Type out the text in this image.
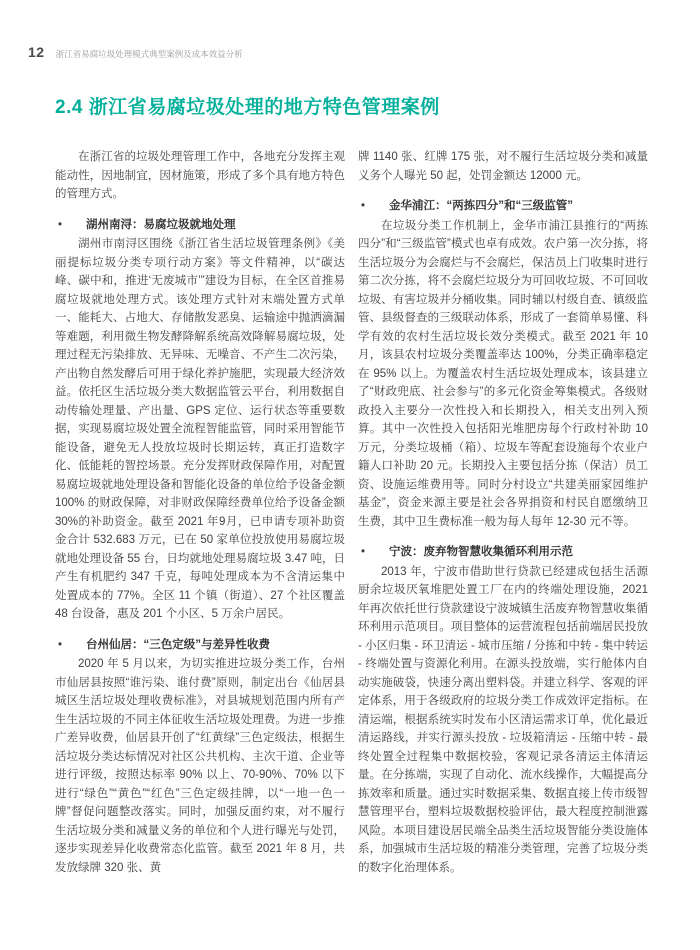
12 浙江省易腐垃圾处理模式典型案例及成本效益分析
2.4 浙江省易腐垃圾处理的地方特色管理案例

在浙江省的垃圾处理管理工作中，各地充分发挥主观能动性，因地制宜，因材施策，形成了多个具有地方特色的管理方式。

•	湖州南浔：易腐垃圾就地处理

湖州市南浔区围绕《浙江省生活垃圾管理条例》《美丽提标垃圾分类专项行动方案》等文件精神，以“碳达峰、碳中和，推进‘无废城市’”建设为目标，在全区首推易腐垃圾就地处理方式。该处理方式针对末端处置方式单一、能耗大、占地大、存储散发恶臭、运输途中抛洒滴漏等难题，利用微生物发酵降解系统高效降解易腐垃圾，处理过程无污染排放、无异味、无噪音、不产生二次污染，产出物自然发酵后可用于绿化养护施肥，实现最大经济效益。依托区生活垃圾分类大数据监管云平台，利用数据自动传输处理量、产出量、GPS 定位、运行状态等重要数据，实现易腐垃圾处置全流程智能监管，同时采用智能节能设备，避免无人投放垃圾时长期运转，真正打造数字化、低能耗的智控场景。充分发挥财政保障作用，对配置易腐垃圾就地处理设备和智能化设备的单位给予设备金额 100% 的财政保障，对非财政保障经费单位给予设备金额30%的补助资金。截至 2021 年9月，已申请专项补助资金合计 532.683 万元，已在 50 家单位投放使用易腐垃圾就地处理设备 55 台，日均就地处理易腐垃圾 3.47 吨，日产生有机肥约 347 千克，每吨处理成本为不含清运集中处置成本的 77%。全区 11 个镇（街道）、27 个社区覆盖 48 台设备，惠及 201 个小区、5 万余户居民。

•	台州仙居：“三色定级”与差异性收费

2020 年 5 月以来，为切实推进垃圾分类工作，台州市仙居县按照“谁污染、谁付费”原则，制定出台《仙居县城区生活垃圾处理收费标准》，对县城规划范围内所有产生生活垃圾的不同主体征收生活垃圾处理费。为进一步推广差异收费，仙居县开创了“红黄绿”三色定级法，根据生活垃圾分类达标情况对社区公共机构、主次干道、企业等进行评级，按照达标率 90% 以上、70-90%、70% 以下进行“绿色”“黄色”“红色”三色定级挂牌，以“一地一色一牌”督促问题整改落实。同时，加强反面约束，对不履行生活垃圾分类和减量义务的单位和个人进行曝光与处罚，逐步实现差异化收费常态化监管。截至 2021 年 8 月，共发放绿牌 320 张、黄

牌 1140 张、红牌 175 张，对不履行生活垃圾分类和减量义务个人曝光 50 起，处罚金额达 12000 元。

•	金华浦江：“两拣四分”和“三级监管”

在垃圾分类工作机制上，金华市浦江县推行的“两拣四分”和“三级监管”模式也卓有成效。农户第一次分拣，将生活垃圾分为会腐烂与不会腐烂，保洁员上门收集时进行第二次分拣，将不会腐烂垃圾分为可回收垃圾、不可回收垃圾、有害垃圾并分桶收集。同时辅以村级自查、镇级监管、县级督查的三级联动体系，形成了一套简单易懂、科学有效的农村生活垃圾长效分类模式。截至 2021 年 10 月，该县农村垃圾分类覆盖率达 100%，分类正确率稳定在 95% 以上。为覆盖农村生活垃圾处理成本，该县建立了“财政兜底、社会参与”的多元化资金筹集模式。各级财政投入主要分一次性投入和长期投入，相关支出列入预算。其中一次性投入包括阳光堆肥房每个行政村补助 10 万元，分类垃圾桶（箱）、垃圾车等配套设施每个农业户籍人口补助 20 元。长期投入主要包括分拣（保洁）员工资、设施运维费用等。同时分村设立“共建美丽家园维护基金”，资金来源主要是社会各界捐资和村民自愿缴纳卫生费，其中卫生费标准一般为每人每年 12-30 元不等。

•	宁波：废弃物智慧收集循环利用示范

2013 年，宁波市借助世行贷款已经建成包括生活源厨余垃圾厌氧堆肥处置工厂在内的终端处理设施，2021 年再次依托世行贷款建设宁波城镇生活废弃物智慧收集循环利用示范项目。项目整体的运营流程包括前端居民投放 - 小区归集 - 环卫清运 - 城市压缩 / 分拣和中转 - 集中转运 - 终端处置与资源化利用。在源头投放端，实行舱体内自动实施破袋，快速分离出塑料袋。并建立科学、客观的评定体系，用于各级政府的垃圾分类工作成效评定指标。在清运端，根据系统实时发布小区清运需求订单，优化最近清运路线，并实行源头投放 - 垃圾箱清运 - 压缩中转 - 最终处置全过程集中数据校验，客观记录各清运主体清运量。在分拣端，实现了自动化、流水线操作，大幅提高分拣效率和质量。通过实时数据采集、数据直接上传市级智慧管理平台，塑料垃圾数据校验评估，最大程度控制泄露风险。本项目建设居民端全品类生活垃圾智能分类设施体系，加强城市生活垃圾的精准分类管理，完善了垃圾分类的数字化治理体系。
